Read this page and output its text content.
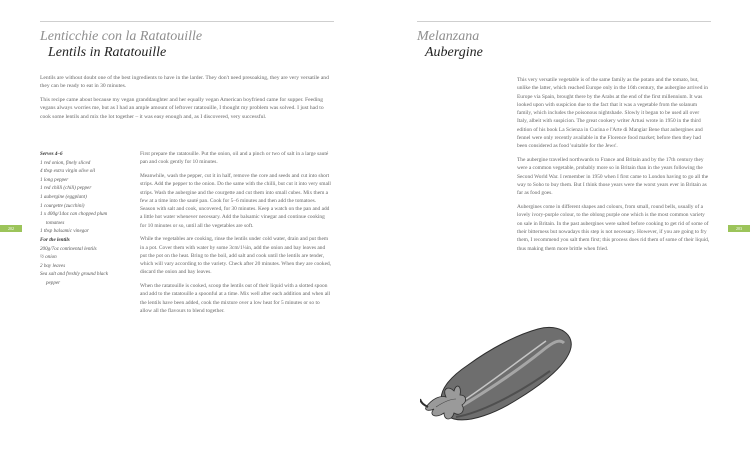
Lenticchie con la Ratatouille
Lentils in Ratatouille

Lentils are without doubt one of the best ingredients to have in the larder. They don't need presoaking, they are very versatile and they can be ready to eat in 30 minutes.

This recipe came about because my vegan granddaughter and her equally vegan American boyfriend came for supper. Feeding vegans always worries me, but as I had an ample amount of leftover ratatouille, I thought my problem was solved. I just had to cook some lentils and mix the lot together – it was easy enough and, as I discovered, very successful.

Serves 4–6
1 red onion, finely sliced
4 tbsp extra virgin olive oil
1 long pepper
1 red chilli (chili) pepper
1 aubergine (eggplant)
1 courgette (zucchini)
1 x 400g/14oz can chopped plum
tomatoes
1 tbsp balsamic vinegar
For the lentils
200g/7oz continental lentils
½ onion
2 bay leaves
Sea salt and freshly ground black
pepper

First prepare the ratatouille. Put the onion, oil and a pinch or two of salt in a large sauté pan and cook gently for 10 minutes.

Meanwhile, wash the pepper, cut it in half, remove the core and seeds and cut into short strips. Add the pepper to the onion. Do the same with the chilli, but cut it into very small strips. Wash the aubergine and the courgette and cut them into small cubes. Mix them a few at a time into the sauté pan. Cook for 5–6 minutes and then add the tomatoes. Season with salt and cook, uncovered, for 30 minutes. Keep a watch on the pan and add a little hot water whenever necessary. Add the balsamic vinegar and continue cooking for 10 minutes or so, until all the vegetables are soft.

While the vegetables are cooking, rinse the lentils under cold water, drain and put them in a pot. Cover them with water by some 3cm/1¼in, add the onion and bay leaves and put the pot on the heat. Bring to the boil, add salt and cook until the lentils are tender, which will vary according to the variety. Check after 20 minutes. When they are cooked, discard the onion and bay leaves.

When the ratatouille is cooked, scoop the lentils out of their liquid with a slotted spoon and add to the ratatouille a spoonful at a time. Mix well after each addition and when all the lentils have been added, cook the mixture over a low heat for 5 minutes or so to allow all the flavours to blend together.

202
Melanzana
Aubergine

This very versatile vegetable is of the same family as the potato and the tomato, but, unlike the latter, which reached Europe only in the 16th century, the aubergine arrived in Europe via Spain, brought there by the Arabs at the end of the first millennium. It was looked upon with suspicion due to the fact that it was a vegetable from the solanum family, which includes the poisonous nightshade. Slowly it began to be used all over Italy, albeit with suspicion. The great cookery writer Artusi wrote in 1950 in the third edition of his book La Scienza in Cucina e l'Arte di Mangiar Bene that aubergines and fennel were only recently available in the Florence food market; before then they had been considered as food 'suitable for the Jews'.

The aubergine travelled northwards to France and Britain and by the 17th century they were a common vegetable, probably more so in Britain than in the years following the Second World War. I remember in 1950 when I first came to London having to go all the way to Soho to buy them. But I think those years were the worst years ever in Britain as far as food goes.

Aubergines come in different shapes and colours, from small, round bells, usually of a lovely ivory-purple colour, to the oblong purple one which is the most common variety on sale in Britain. In the past aubergines were salted before cooking to get rid of some of their bitterness but nowadays this step is not necessary. However, if you are going to fry them, I recommend you salt them first; this process does rid them of some of their liquid, thus making them more brittle when fried.

203
